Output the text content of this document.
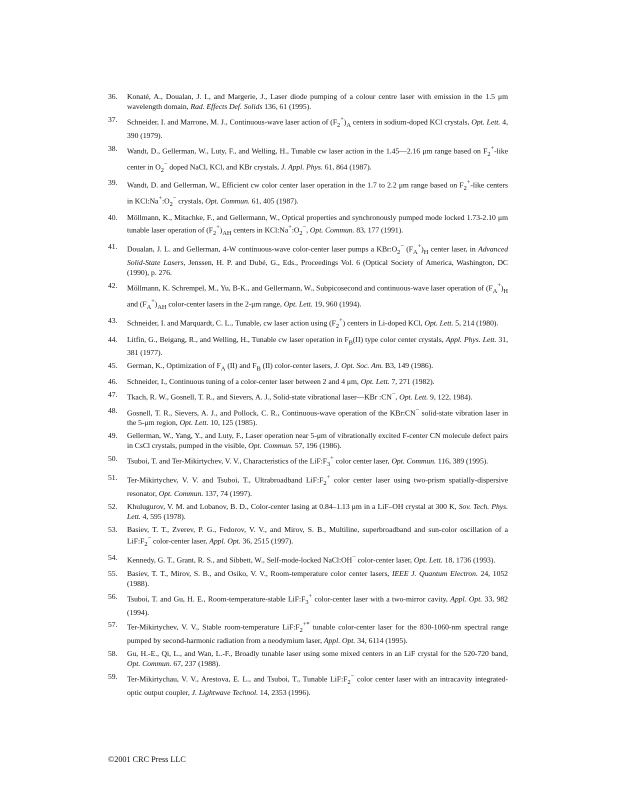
36.	Konaté, A., Doualan, J. I., and Margerie, J., Laser diode pumping of a colour centre laser with emission in the 1.5 μm wavelength domain, Rad. Effects Def. Solids 136, 61 (1995).
37.	Schneider, I. and Marrone, M. J., Continuous-wave laser action of $(F_2^+)_A$ centers in sodium-doped KCl crystals, Opt. Lett. 4, 390 (1979).
38.	Wandt, D., Gellerman, W., Luty, F., and Welling, H., Tunable cw laser action in the 1.45—2.16 μm range based on $F_2^+$-like center in $O_2^-$ doped NaCl, KCl, and KBr crystals, J. Appl. Phys. 61, 864 (1987).
39.	Wandt, D. and Gellerman, W., Efficient cw color center laser operation in the 1.7 to 2.2 μm range based on $F_2^+$-like centers in $KCl:Na^+:O_2^-$ crystals, Opt. Commun. 61, 405 (1987).
40.	Möllmann, K., Mitachke, F., and Gellermann, W., Optical properties and synchronously pumped mode locked 1.73-2.10 μm tunable laser operation of $(F_2^+)_{AH}$ centers in $KCl:Na^+:O_2^-$, Opt. Commun. 83, 177 (1991).
41.	Doualan, J. L. and Gellerman, 4-W continuous-wave color-center laser pumps a $KBr:O_2^-$ $(F_A^+)_H$ center laser, in Advanced Solid-State Lasers, Jenssen, H. P. and Dubé, G., Eds., Proceedings Vol. 6 (Optical Society of America, Washington, DC (1990), p. 276.
42.	Möllmann, K. Schrempel, M., Yu, B-K., and Gellermann, W., Subpicosecond and continuous-wave laser operation of $(F_A^+)_H$ and $(F_A^+)_{AH}$ color-center lasers in the 2-μm range, Opt. Lett. 19, 960 (1994).
43.	Schneider, I. and Marquardt, C. L., Tunable, cw laser action using $(F_2^+)$ centers in Li-doped KCl, Opt. Lett. 5, 214 (1980).
44.	Litfin, G., Beigang, R., and Welling, H., Tunable cw laser operation in $F_B(II)$ type color center crystals, Appl. Phys. Lett. 31, 381 (1977).
45.	German, K., Optimization of $F_A$ (II) and $F_B$ (II) color-center lasers, J. Opt. Soc. Am. B3, 149 (1986).
46.	Schneider, I., Continuous tuning of a color-center laser between 2 and 4 μm, Opt. Lett. 7, 271 (1982).
47.	Tkach, R. W., Gosnell, T. R., and Sievers, A. J., Solid-state vibrational laser—KBr :CN−, Opt. Lett. 9, 122, 1984).
48.	Gosnell, T. R., Sievers, A. J., and Pollock, C. R., Continuous-wave operation of the KBr:CN− solid-state vibration laser in the 5-μm region, Opt. Lett. 10, 125 (1985).
49.	Gellerman, W., Yang, Y., and Luty, F., Laser operation near 5-μm of vibrationally excited F-center CN molecule defect pairs in CsCl crystals, pumped in the visible, Opt. Commun. 57, 196 (1986).
50.	Tsuboi, T. and Ter-Mikirtychev, V. V., Characteristics of the $LiF:F_3^+$ color center laser, Opt. Commun. 116, 389 (1995).
51.	Ter-Mikirtychev, V. V. and Tsuboi, T., Ultrabroadband $LiF:F_2^+$ color center laser using two-prism spatially-dispersive resonator, Opt. Commun. 137, 74 (1997).
52.	Khulugurov, V. M. and Lobanov, B. D., Color-center lasing at 0.84–1.13 μm in a LiF–OH crystal at 300 K, Sov. Tech. Phys. Lett. 4, 595 (1978).
53.	Basiev, T. T., Zverev, P. G., Fedorov, V. V., and Mirov, S. B., Multiline, superbroadband and sun-color oscillation of a $LiF:F_2^-$ color-center laser, Appl. Opt. 36, 2515 (1997).
54.	Kennedy, G. T., Grant, R. S., and Sibbett, W., Self-mode-locked NaCl:OH− color-center laser, Opt. Lett. 18, 1736 (1993).
55.	Basiev, T. T., Mirov, S. B., and Osiko, V. V., Room-temperature color center lasers, IEEE J. Quantum Electron. 24, 1052 (1988).
56.	Tsuboi, T. and Gu, H. E., Room-temperature-stable $LiF:F_3^+$ color-center laser with a two-mirror cavity, Appl. Opt. 33, 982 (1994).
57.	Ter-Mikirtychev, V. V., Stable room-temperature $LiF:F_2^{+*}$ tunable color-center laser for the 830-1060-nm spectral range pumped by second-harmonic radiation from a neodymium laser, Appl. Opt. 34, 6114 (1995).
58.	Gu, H.-E., Qi, L., and Wan, L.-F., Broadly tunable laser using some mixed centers in an LiF crystal for the 520-720 band, Opt. Commun. 67, 237 (1988).
59.	Ter-Mikirtychau, V. V., Arestova, E. L., and Tsuboi, T., Tunable $LiF:F_2^-$ color center laser with an intracavity integrated-optic output coupler, J. Lightwave Technol. 14, 2353 (1996).
©2001 CRC Press LLC
